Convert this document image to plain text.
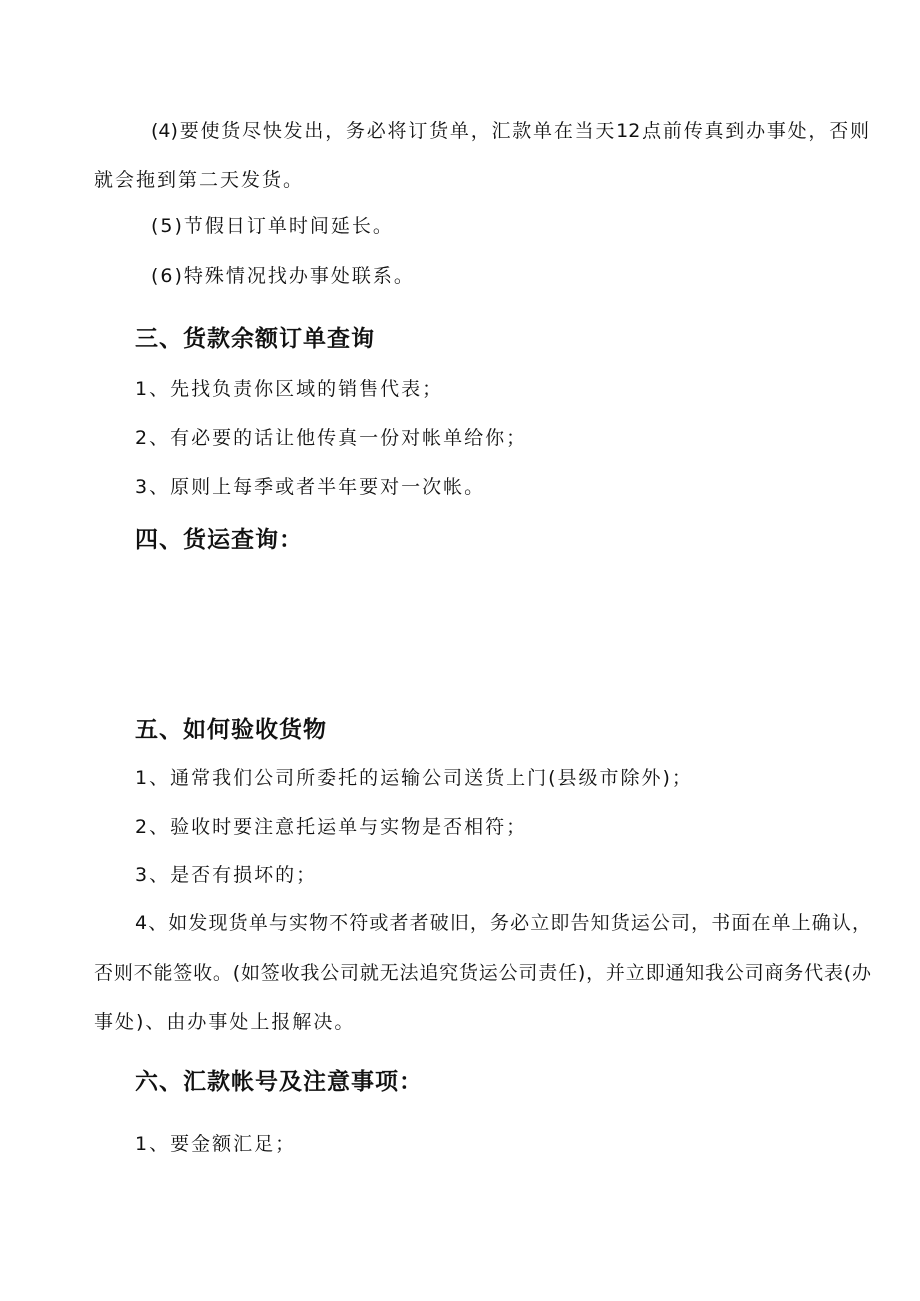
(4)要使货尽快发出，务必将订货单，汇款单在当天12点前传真到办事处，否则
就会拖到第二天发货。
(5)节假日订单时间延长。
(6)特殊情况找办事处联系。
三、货款余额订单查询
1、先找负责你区域的销售代表；
2、有必要的话让他传真一份对帐单给你；
3、原则上每季或者半年要对一次帐。
四、货运查询：
五、如何验收货物
1、通常我们公司所委托的运输公司送货上门(县级市除外)；
2、验收时要注意托运单与实物是否相符；
3、是否有损坏的；
4、如发现货单与实物不符或者者破旧，务必立即告知货运公司，书面在单上确认，
否则不能签收。(如签收我公司就无法追究货运公司责任)，并立即通知我公司商务代表(办
事处)、由办事处上报解决。
六、汇款帐号及注意事项：
1、要金额汇足；
